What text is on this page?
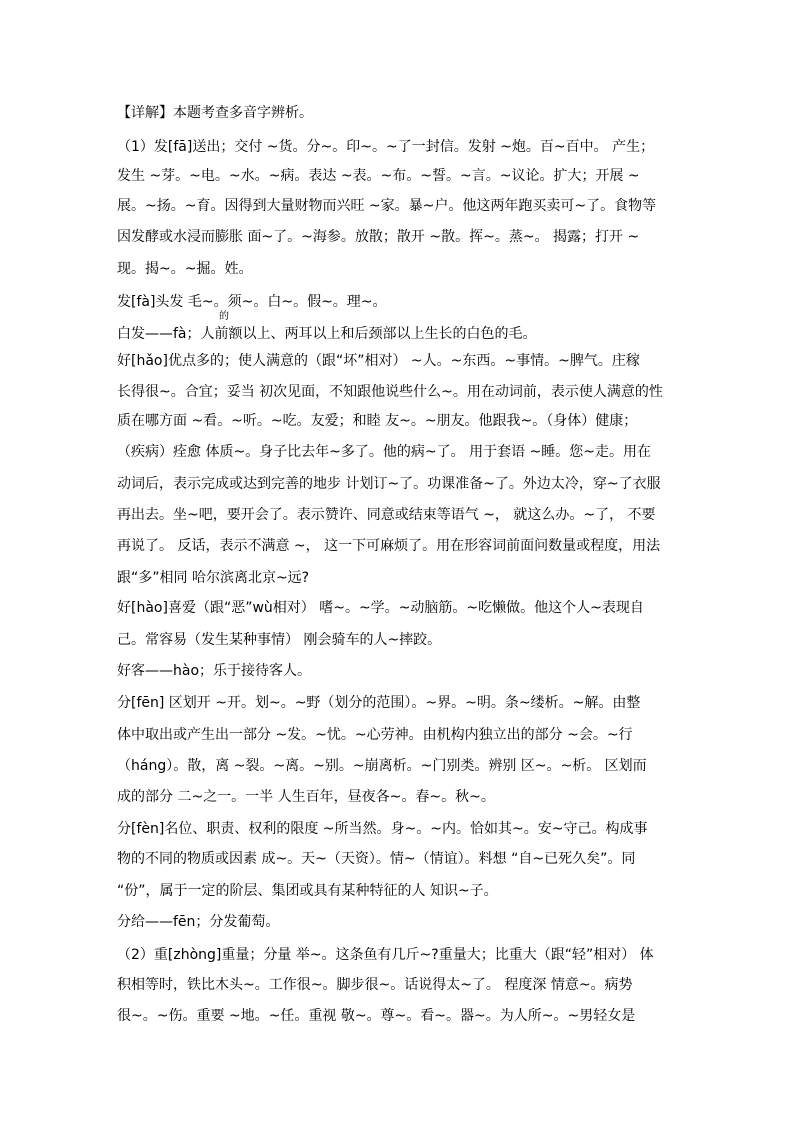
【详解】本题考查多音字辨析。
（1）发[fā]送出；交付 ~货。分~。印~。~了一封信。发射 ~炮。百~百中。 产生；
发生 ~芽。~电。~水。~病。表达 ~表。~布。~誓。~言。~议论。扩大；开展 ~
展。~扬。~育。因得到大量财物而兴旺 ~家。暴~户。他这两年跑买卖可~了。食物等
因发酵或水浸而膨胀 面~了。~海参。放散；散开 ~散。挥~。蒸~。 揭露；打开 ~
现。揭~。~掘。姓。
发[fà]头发 毛~。须~。白~。假~。理~。
的
白发——fà；人前额以上、两耳以上和后颈部以上生长的白色的毛。
好[hǎo]优点多的；使人满意的（跟“坏”相对） ~人。~东西。~事情。~脾气。庄稼
长得很~。合宜；妥当 初次见面，不知跟他说些什么~。用在动词前，表示使人满意的性
质在哪方面 ~看。~听。~吃。友爱；和睦 友~。~朋友。他跟我~。（身体）健康；
（疾病）痊愈 体质~。身子比去年~多了。他的病~了。 用于套语 ~睡。您~走。用在
动词后，表示完成或达到完善的地步 计划订~了。功课准备~了。外边太冷，穿~了衣服
再出去。坐~吧，要开会了。表示赞许、同意或结束等语气 ~， 就这么办。~了， 不要
再说了。 反话，表示不满意 ~， 这一下可麻烦了。用在形容词前面问数量或程度，用法
跟“多”相同 哈尔滨离北京~远?
好[hào]喜爱（跟“恶”wù相对） 嗜~。~学。~动脑筋。~吃懒做。他这个人~表现自
己。常容易（发生某种事情） 刚会骑车的人~摔跤。
好客——hào；乐于接待客人。
分[fēn] 区划开 ~开。划~。~野（划分的范围）。~界。~明。条~缕析。~解。由整
体中取出或产生出一部分 ~发。~忧。~心劳神。由机构内独立出的部分 ~会。~行
（háng）。散，离 ~裂。~离。~别。~崩离析。~门别类。辨别 区~。~析。 区划而
成的部分 二~之一。一半 人生百年，昼夜各~。春~。秋~。
分[fèn]名位、职责、权利的限度 ~所当然。身~。~内。恰如其~。安~守己。构成事
物的不同的物质或因素 成~。天~（天资）。情~（情谊）。料想 “自~已死久矣”。同
“份”，属于一定的阶层、集团或具有某种特征的人 知识~子。
分给——fēn；分发葡萄。
（2）重[zhòng]重量；分量 举~。这条鱼有几斤~?重量大；比重大（跟“轻”相对） 体
积相等时，铁比木头~。工作很~。脚步很~。话说得太~了。 程度深 情意~。病势
很~。~伤。重要 ~地。~任。重视 敬~。尊~。看~。器~。为人所~。~男轻女是
